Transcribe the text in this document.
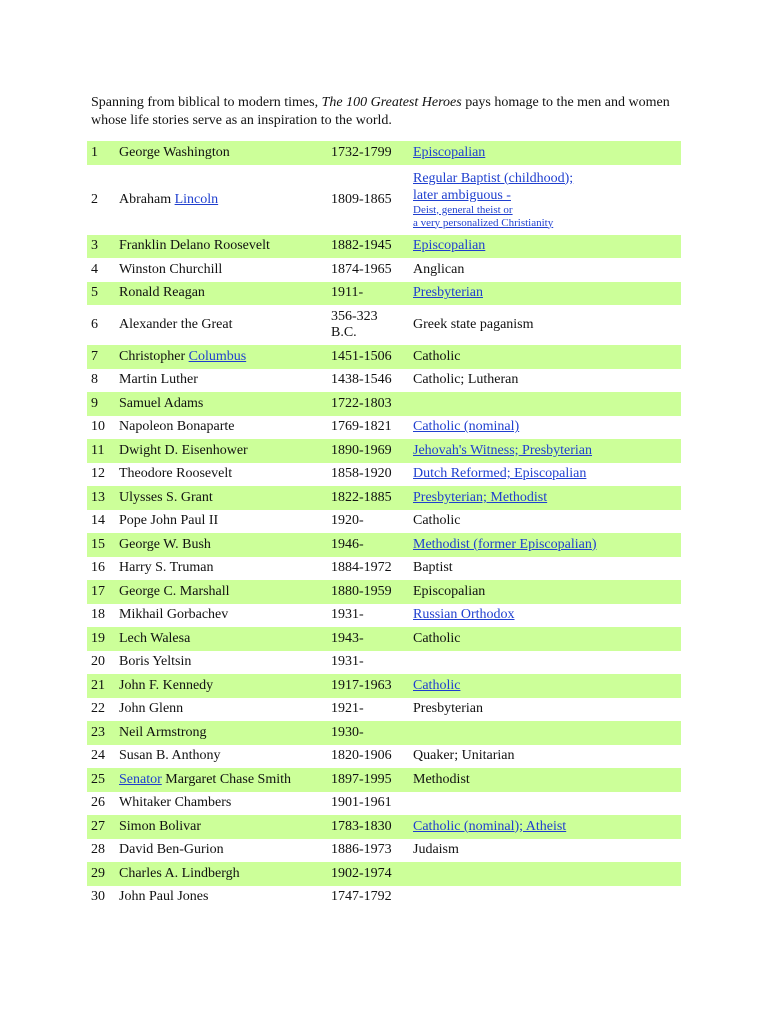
Spanning from biblical to modern times, The 100 Greatest Heroes pays homage to the men and women whose life stories serve as an inspiration to the world.
1	George Washington	1732-1799	Episcopalian
2	Abraham Lincoln	1809-1865	Regular Baptist (childhood);
later ambiguous -
Deist, general theist or
a very personalized Christianity

3	Franklin Delano Roosevelt	1882-1945	Episcopalian
4	Winston Churchill	1874-1965	Anglican
5	Ronald Reagan	1911-	Presbyterian
6	Alexander the Great	356-323
B.C.	Greek state paganism
7	Christopher Columbus	1451-1506	Catholic
8	Martin Luther	1438-1546	Catholic; Lutheran
9	Samuel Adams	1722-1803	
10	Napoleon Bonaparte	1769-1821	Catholic (nominal)
11	Dwight D. Eisenhower	1890-1969	Jehovah's Witness; Presbyterian
12	Theodore Roosevelt	1858-1920	Dutch Reformed; Episcopalian
13	Ulysses S. Grant	1822-1885	Presbyterian; Methodist
14	Pope John Paul II	1920-	Catholic
15	George W. Bush	1946-	Methodist (former Episcopalian)
16	Harry S. Truman	1884-1972	Baptist
17	George C. Marshall	1880-1959	Episcopalian
18	Mikhail Gorbachev	1931-	Russian Orthodox
19	Lech Walesa	1943-	Catholic
20	Boris Yeltsin	1931-	
21	John F. Kennedy	1917-1963	Catholic
22	John Glenn	1921-	Presbyterian
23	Neil Armstrong	1930-	
24	Susan B. Anthony	1820-1906	Quaker; Unitarian
25	Senator Margaret Chase Smith	1897-1995	Methodist
26	Whitaker Chambers	1901-1961	
27	Simon Bolivar	1783-1830	Catholic (nominal); Atheist
28	David Ben-Gurion	1886-1973	Judaism
29	Charles A. Lindbergh	1902-1974	
30	John Paul Jones	1747-1792	
